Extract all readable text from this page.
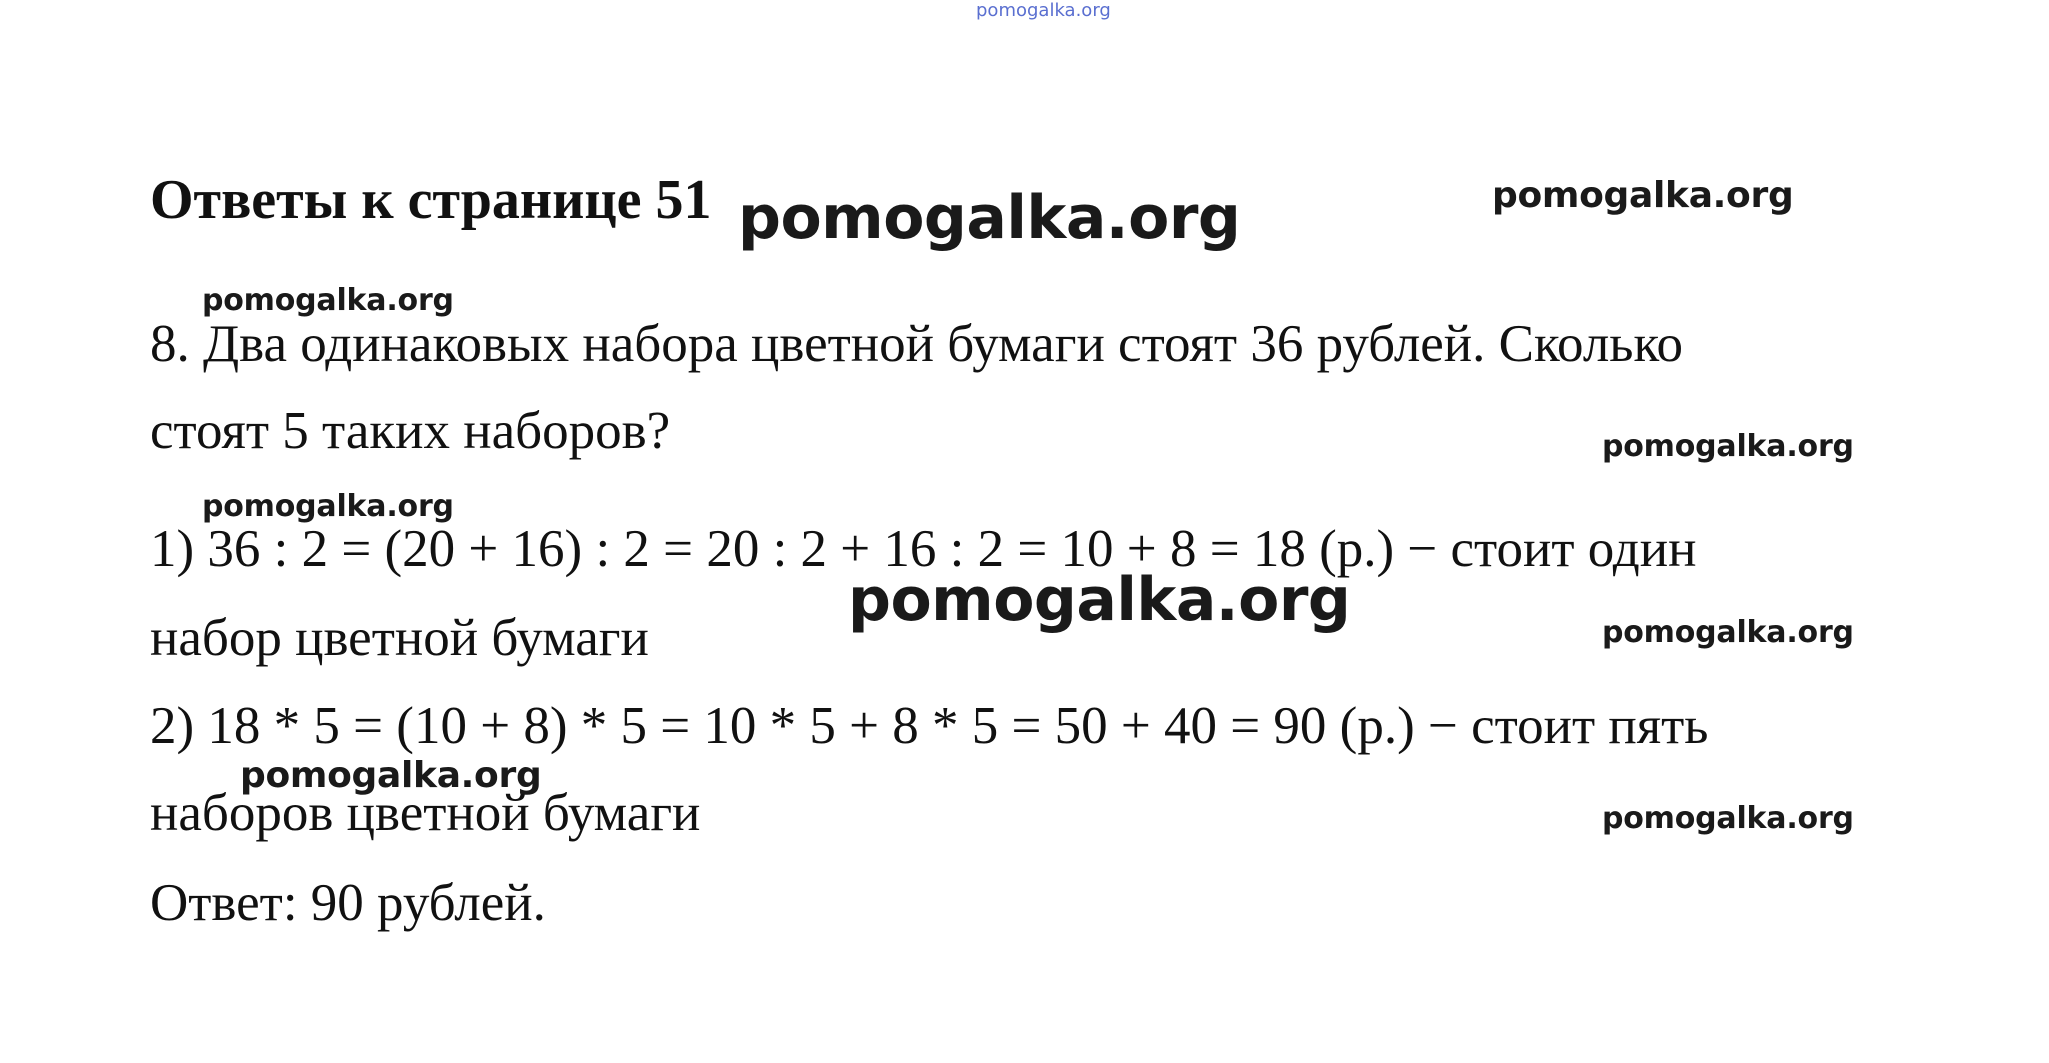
pomogalka.org
Ответы к странице 51 pomogalka.org	pomogalka.org
pomogalka.org
8. Два одинаковых набора цветной бумаги стоят 36 рублей. Сколько
стоят 5 таких наборов?	pomogalka.org
pomogalka.org
1) 36 : 2 = (20 + 16) : 2 = 20 : 2 + 16 : 2 = 10 + 8 = 18 (р.) − стоит один
pomogalka.org
набор цветной бумаги	pomogalka.org
2) 18 * 5 = (10 + 8) * 5 = 10 * 5 + 8 * 5 = 50 + 40 = 90 (р.) − стоит пять
наборов цветной бумаги
pomogalka.org
pomogalka.org
Ответ: 90 рублей.
